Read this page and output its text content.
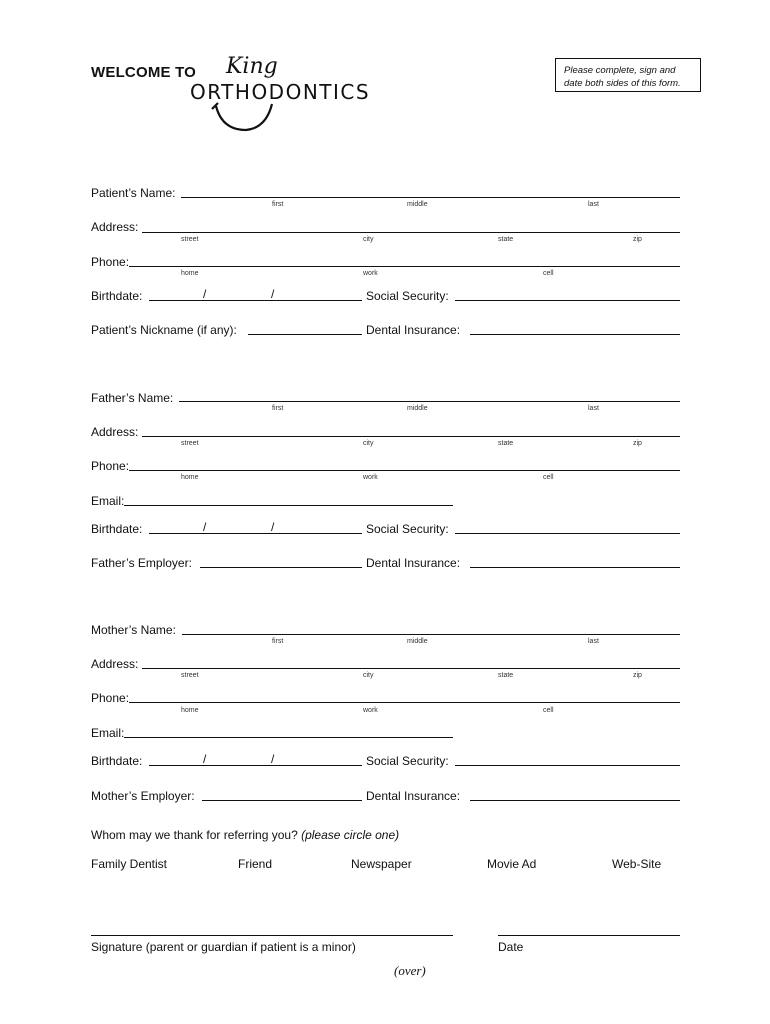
WELCOME TO King
ORTHODONTICS
Please complete, sign and
date both sides of this form.
Patient’s Name:
first	middle	last
Address:
street	city	state	zip
Phone:
home	work	cell
Birthdate:	/	/	Social Security:
Patient’s Nickname (if any):	Dental Insurance:
Father’s Name:
first	middle	last
Address:
street	city	state	zip
Phone:
home	work	cell
Email:
Birthdate:	/	/	Social Security:
Father’s Employer:	Dental Insurance:
Mother’s Name:
first	middle	last
Address:
street	city	state	zip
Phone:
home	work	cell
Email:
Birthdate:	/	/	Social Security:
Mother’s Employer:	Dental Insurance:
Whom may we thank for referring you? (please circle one)
Family Dentist	Friend	Newspaper	Movie Ad	Web-Site
Signature (parent or guardian if patient is a minor)	Date
(over)
